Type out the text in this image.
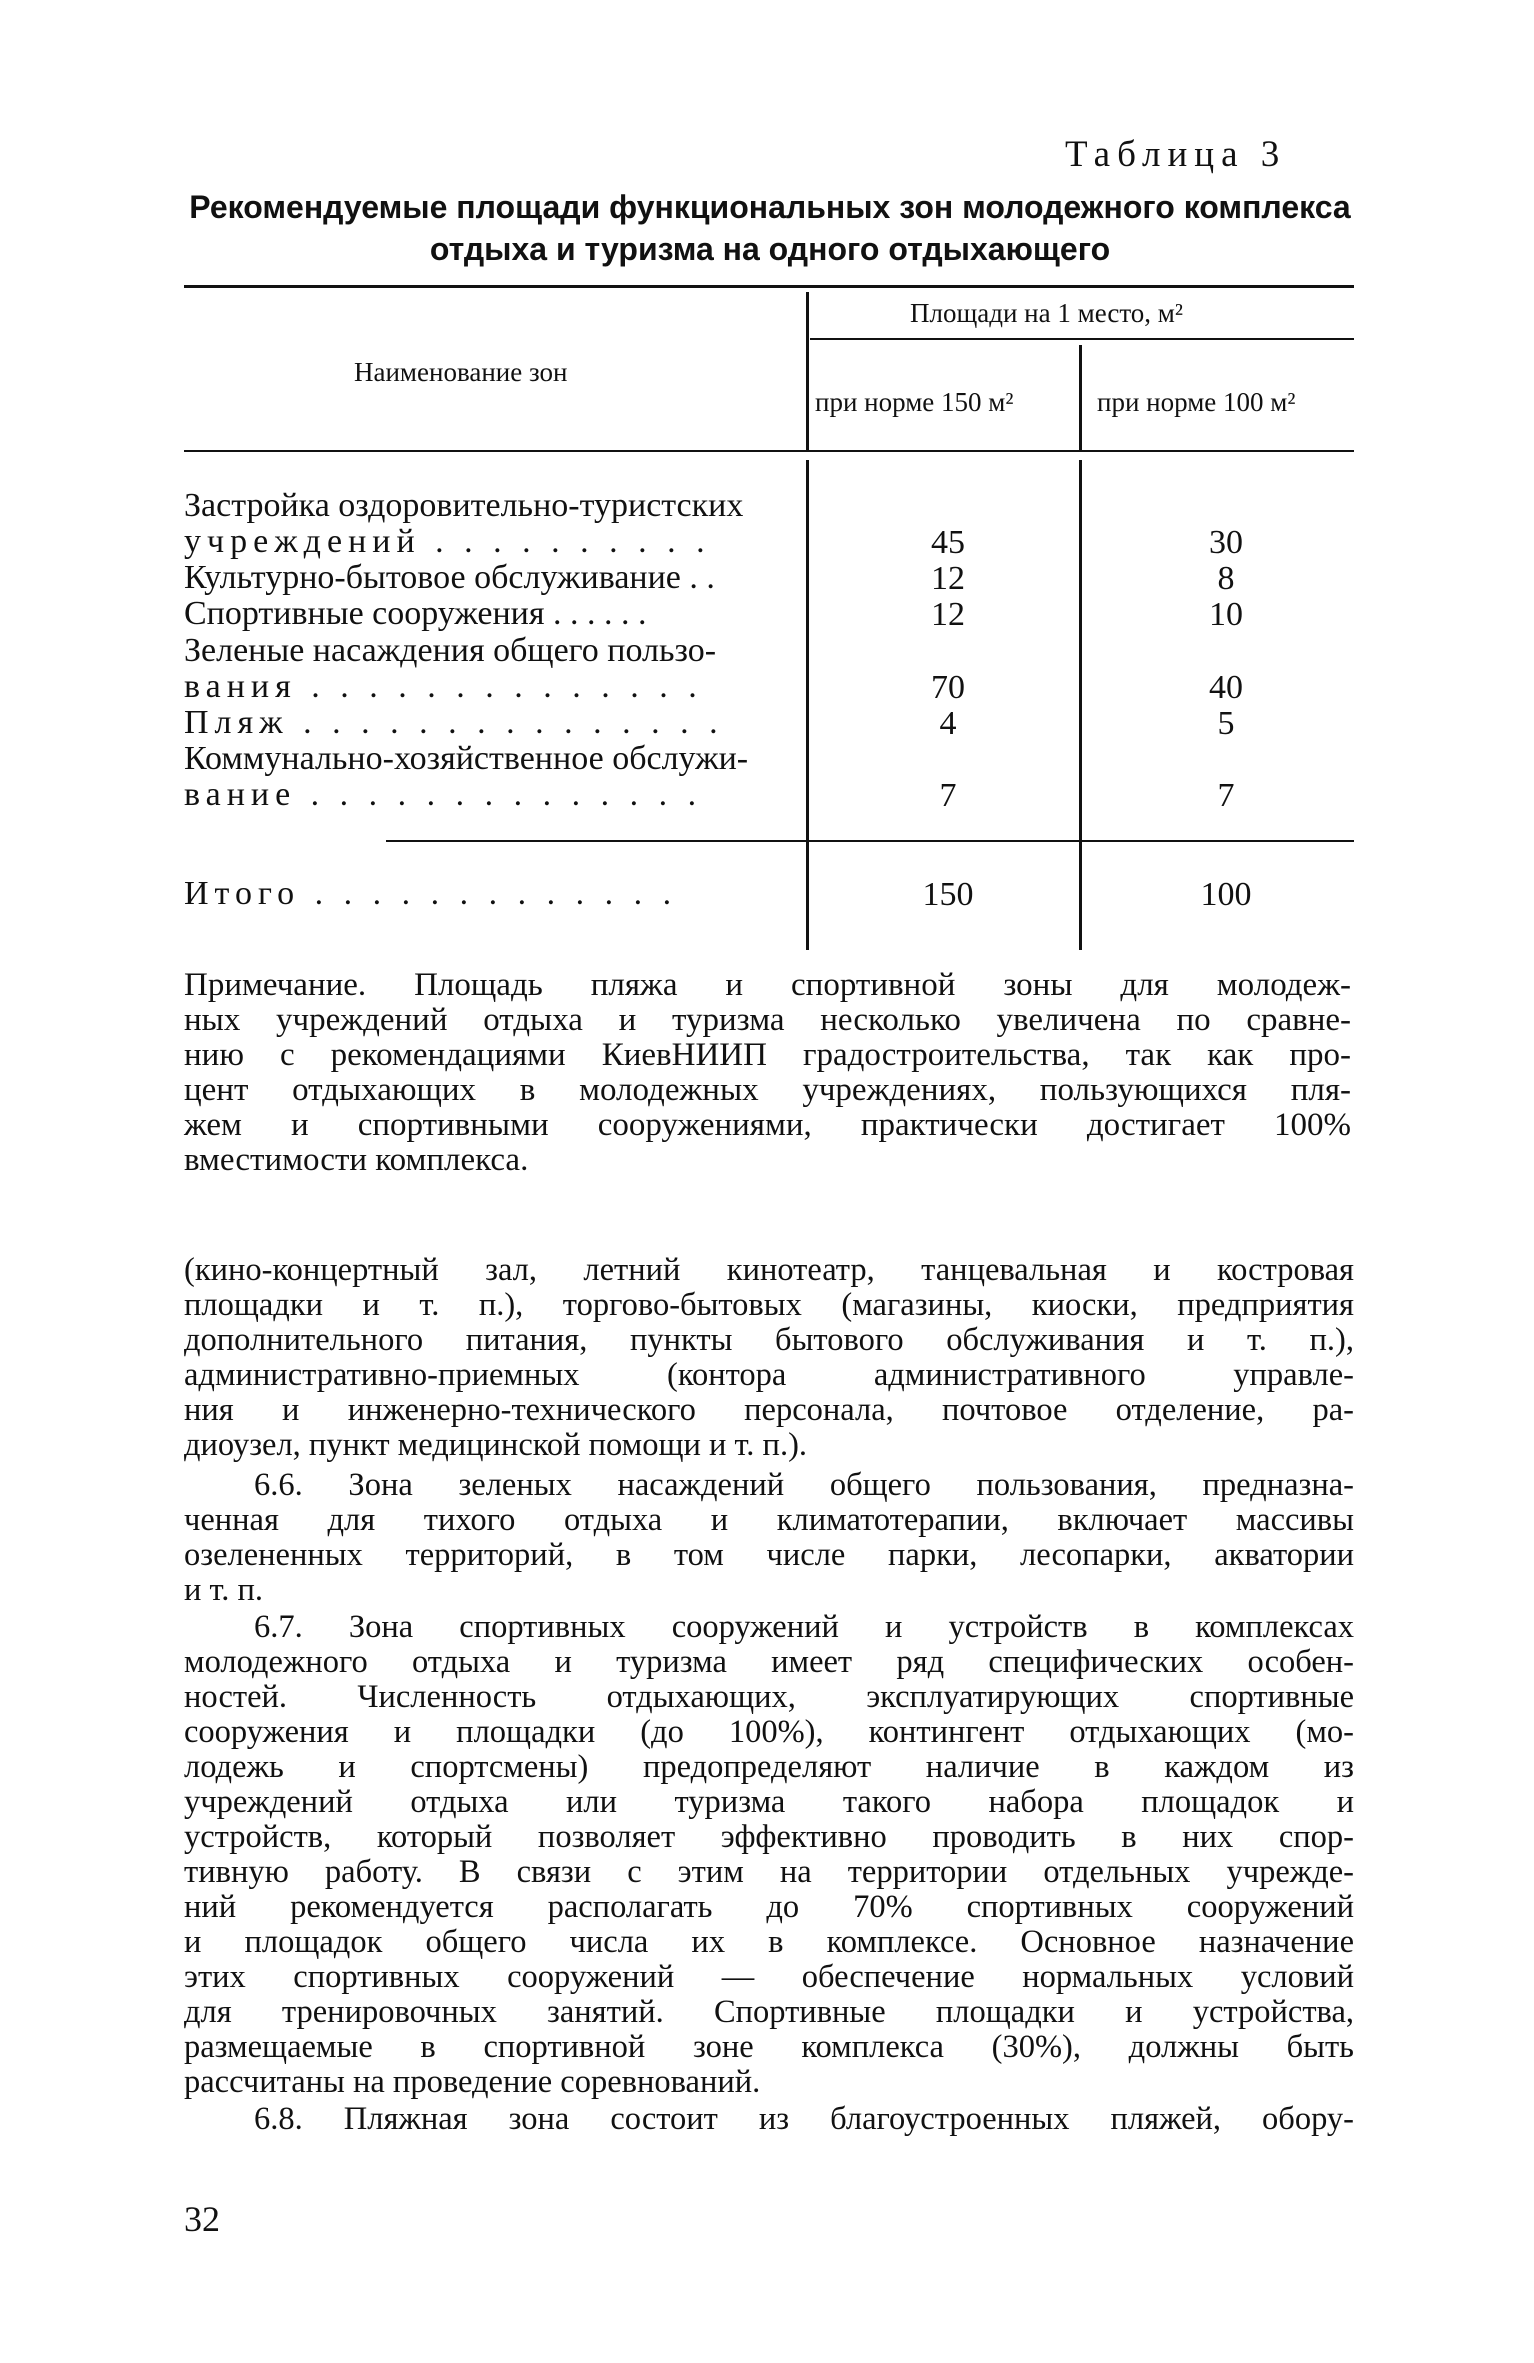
Таблица 3
Рекомендуемые площади функциональных зон молодежного комплекса отдыха и туризма на одного отдыхающего
Наименование зон
Площади на 1 место, м²
при норме 150 м²	при норме 100 м²
Застройка оздоровительно-туристских
учреждений . . . . . . . . . .	45	30
Культурно-бытовое обслуживание . .	12	8
Спортивные сооружения . . . . . .	12	10
Зеленые насаждения общего пользо-
вания . . . . . . . . . . . . . .	70	40
Пляж . . . . . . . . . . . . . . .	4	5
Коммунально-хозяйственное обслужи-
вание . . . . . . . . . . . . . .	7	7
Итого . . . . . . . . . . . . .	150	100
Примечание. Площадь пляжа и спортивной зоны для молодеж-
ных учреждений отдыха и туризма несколько увеличена по сравне-
нию с рекомендациями КиевНИИП градостроительства, так как про-
цент отдыхающих в молодежных учреждениях, пользующихся пля-
жем и спортивными сооружениями, практически достигает 100%
вместимости комплекса.
(кино-концертный зал, летний кинотеатр, танцевальная и костровая
площадки и т. п.), торгово-бытовых (магазины, киоски, предприятия
дополнительного питания, пункты бытового обслуживания и т. п.),
административно-приемных (контора административного управле-
ния и инженерно-технического персонала, почтовое отделение, ра-
диоузел, пункт медицинской помощи и т. п.).
6.6. Зона зеленых насаждений общего пользования, предназна-
ченная для тихого отдыха и климатотерапии, включает массивы
озелененных территорий, в том числе парки, лесопарки, акватории
и т. п.
6.7. Зона спортивных сооружений и устройств в комплексах
молодежного отдыха и туризма имеет ряд специфических особен-
ностей. Численность отдыхающих, эксплуатирующих спортивные
сооружения и площадки (до 100%), контингент отдыхающих (мо-
лодежь и спортсмены) предопределяют наличие в каждом из
учреждений отдыха или туризма такого набора площадок и
устройств, который позволяет эффективно проводить в них спор-
тивную работу. В связи с этим на территории отдельных учрежде-
ний рекомендуется располагать до 70% спортивных сооружений
и площадок общего числа их в комплексе. Основное назначение
этих спортивных сооружений — обеспечение нормальных условий
для тренировочных занятий. Спортивные площадки и устройства,
размещаемые в спортивной зоне комплекса (30%), должны быть
рассчитаны на проведение соревнований.
6.8. Пляжная зона состоит из благоустроенных пляжей, обору-
32
